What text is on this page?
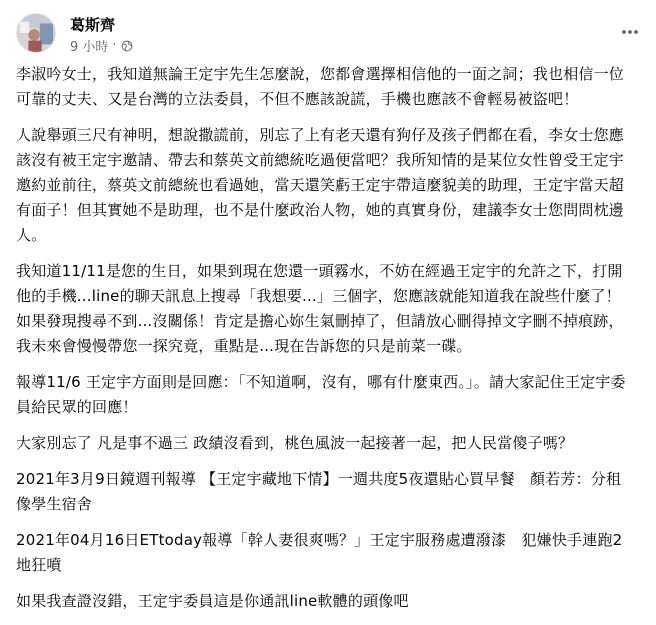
葛斯齊
9 小時 ·

李淑吟女士，我知道無論王定宇先生怎麼說，您都會選擇相信他的一面之詞；我也相信一位可靠的丈夫、又是台灣的立法委員，不但不應該說謊，手機也應該不會輕易被盜吧！

人說舉頭三尺有神明，想說撒謊前，別忘了上有老天還有狗仔及孩子們都在看，李女士您應該沒有被王定宇邀請、帶去和蔡英文前總統吃過便當吧？我所知情的是某位女性曾受王定宇邀約並前往，蔡英文前總統也看過她，當天還笑虧王定宇帶這麼貌美的助理，王定宇當天超有面子！但其實她不是助理，也不是什麼政治人物，她的真實身份，建議李女士您問問枕邊人。

我知道11/11是您的生日，如果到現在您還一頭霧水，不妨在經過王定宇的允許之下，打開他的手機...line的聊天訊息上搜尋「我想要...」三個字，您應該就能知道我在說些什麼了！如果發現搜尋不到...沒關係！肯定是擔心妳生氣刪掉了，但請放心刪得掉文字刪不掉痕跡，我未來會慢慢帶您一探究竟，重點是...現在告訴您的只是前菜一碟。

報導11/6 王定宇方面則是回應：「不知道啊，沒有，哪有什麼東西。」。請大家記住王定宇委員給民眾的回應！

大家別忘了 凡是事不過三 政績沒看到，桃色風波一起接著一起，把人民當傻子嗎？

2021年3月9日鏡週刊報導 【王定宇藏地下情】一週共度5夜還貼心買早餐　顏若芳：分租像學生宿舍

2021年04月16日ETtoday報導「幹人妻很爽嗎？」王定宇服務處遭潑漆　犯嫌快手連跑2地狂噴

如果我查證沒錯，王定宇委員這是你通訊line軟體的頭像吧
